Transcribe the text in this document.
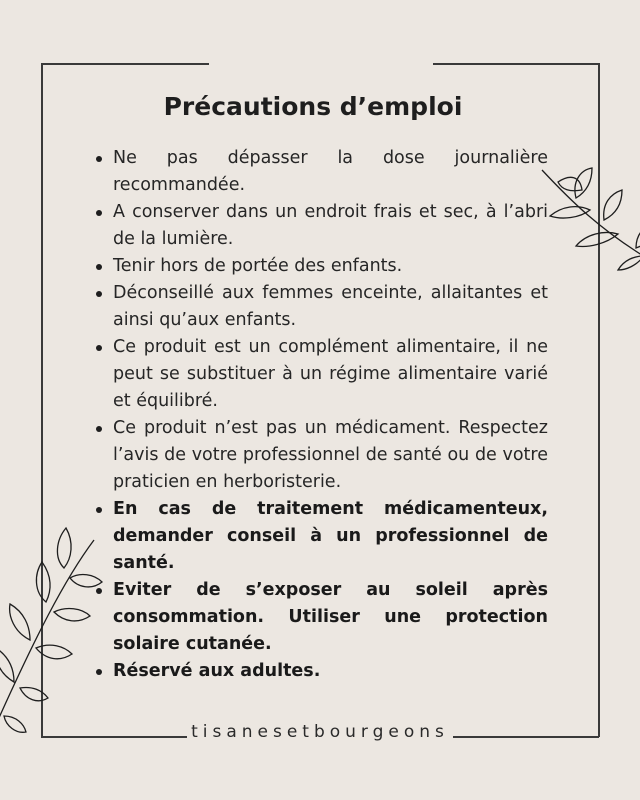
Précautions d’emploi
Ne pas dépasser la dose journalière recommandée.
A conserver dans un endroit frais et sec, à l’abri de la lumière.
Tenir hors de portée des enfants.
Déconseillé aux femmes enceinte, allaitantes et ainsi qu’aux enfants.
Ce produit est un complément alimentaire, il ne peut se substituer à un régime alimentaire varié et équilibré.
Ce produit n’est pas un médicament. Respectez l’avis de votre professionnel de santé ou de votre praticien en herboristerie.
En cas de traitement médicamenteux, demander conseil à un professionnel de santé.
Eviter de s’exposer au soleil après consommation. Utiliser une protection solaire cutanée.
Réservé aux adultes.
tisanesetbourgeons
